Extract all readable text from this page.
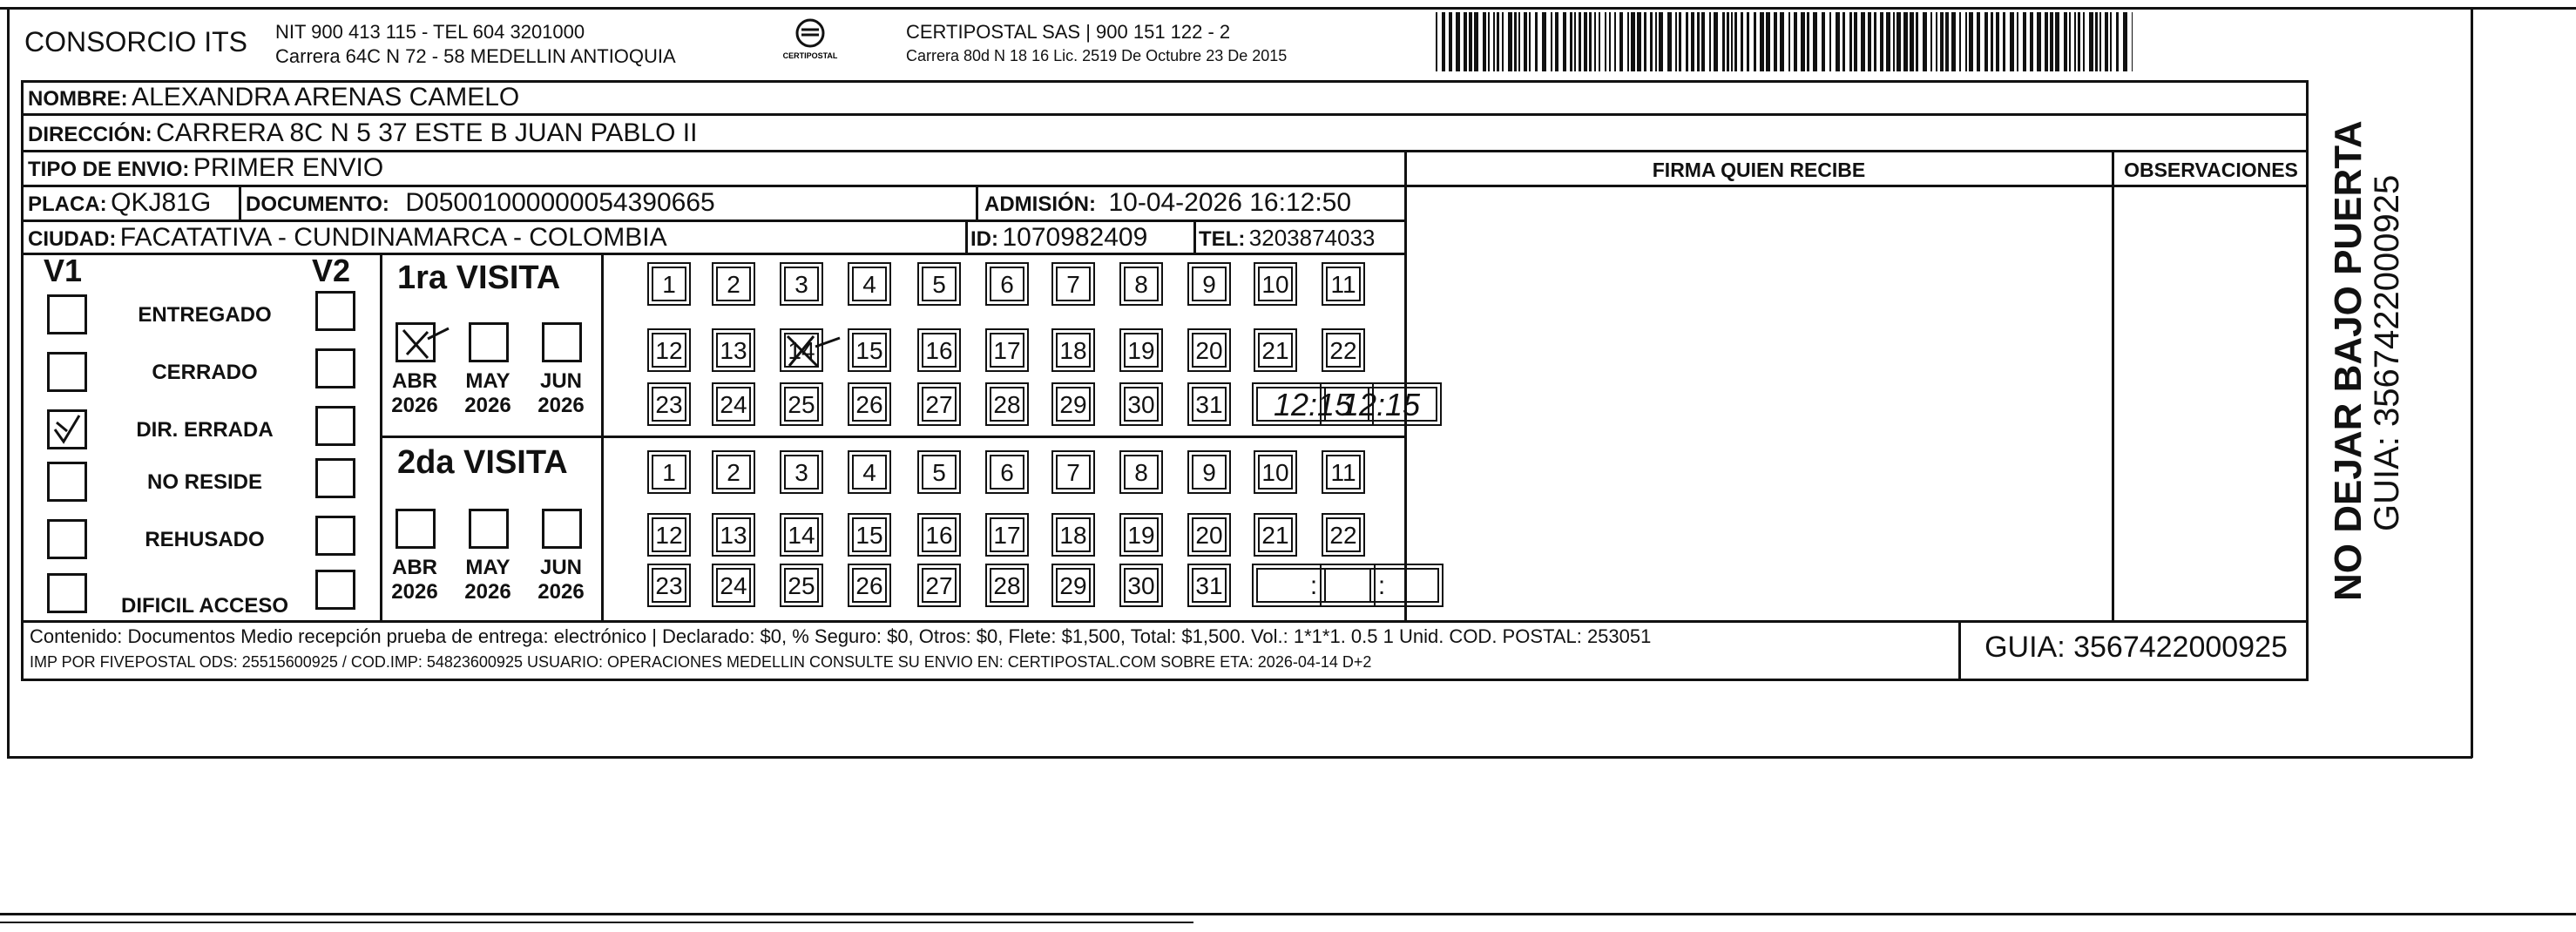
CONSORCIO ITS NIT 900 413 115 - TEL 604 3201000
Carrera 64C N 72 - 58 MEDELLIN ANTIOQUIA	CERTIPOSTAL
CERTIPOSTAL SAS | 900 151 122 - 2
Carrera 80d N 18 16 Lic. 2519 De Octubre 23 De 2015
NOMBRE: ALEXANDRA ARENAS CAMELO
DIRECCIÓN: CARRERA 8C N 5 37 ESTE B JUAN PABLO II
TIPO DE ENVIO: PRIMER ENVIO	FIRMA QUIEN RECIBE	OBSERVACIONES
PLACA: QKJ81G DOCUMENTO: D05001000000054390665	ADMISIÓN: 10-04-2026 16:12:50
CIUDAD: FACATATIVA - CUNDINAMARCA - COLOMBIA	ID: 1070982409 TEL: 3203874033
V1	V2
ENTREGADO
CERRADO
DIR. ERRADA
NO RESIDE
REHUSADO
DIFICIL ACCESO
1ra VISITA
2da VISITA
ABR
2026
MAY
2026
JUN
2026
ABR
2026
MAY
2026
JUN
2026
1	2	3	4	5	6	7	8	9	10 11
12 13 14 15 16 17 18 19 20 21 22
23 24 25 26 27 28 29 30 31	12:15
12:15
1	2	3	4	5	6	7	8	9	10 11
12 13 14 15 16 17 18 19 20 21 22
23 24 25 26 27 28 29 30 31	:	:
Contenido: Documentos Medio recepción prueba de entrega: electrónico | Declarado: $0, % Seguro: $0, Otros: $0, Flete: $1,500, Total: $1,500. Vol.: 1*1*1. 0.5 1 Unid. COD. POSTAL: 253051
IMP POR FIVEPOSTAL ODS: 25515600925 / COD.IMP: 54823600925 USUARIO: OPERACIONES MEDELLIN CONSULTE SU ENVIO EN: CERTIPOSTAL.COM SOBRE ETA: 2026-04-14 D+2	GUIA: 3567422000925
NO DEJAR BAJO PUERTA
GUIA: 3567422000925
